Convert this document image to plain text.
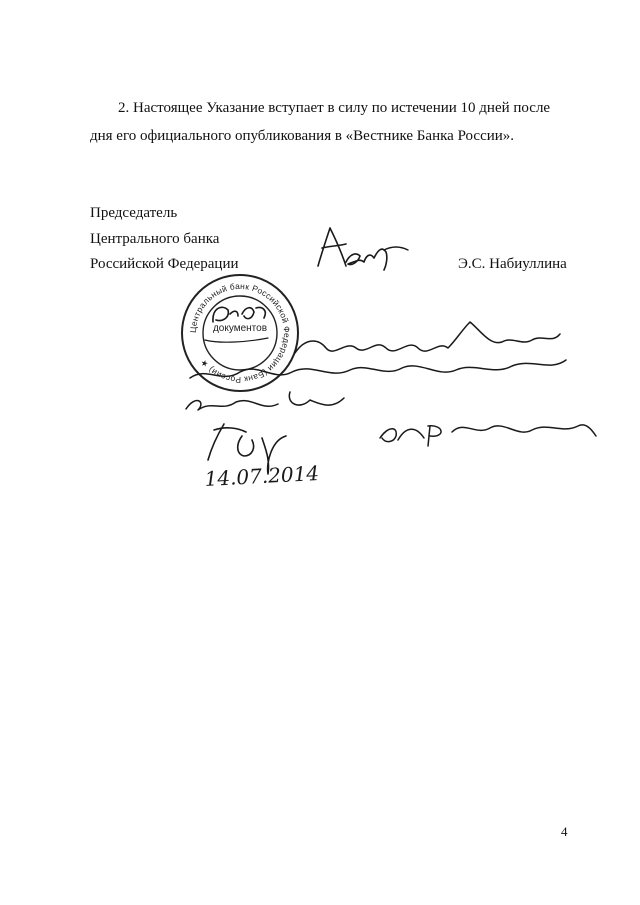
2. Настоящее Указание вступает в силу по истечении 10 дней после
дня его официального опубликования в «Вестнике Банка России».
Председатель
Центрального банка
Российской Федерации	Э.С. Набиуллина
Центральный банк Российской Федерации (Банк России) ★
документов
14.07.2014
4
